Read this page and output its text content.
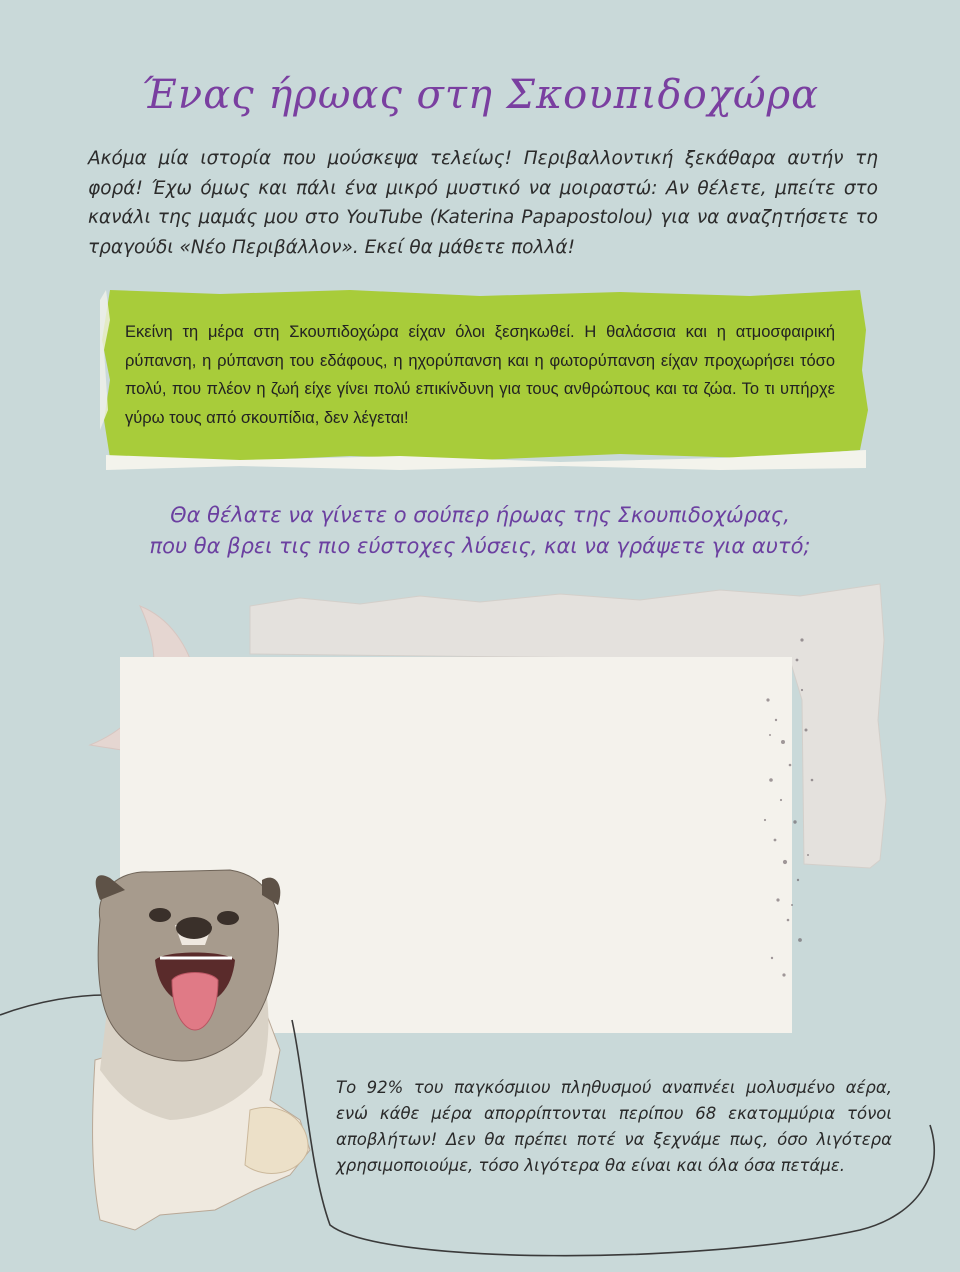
Ένας ήρωας στη Σκουπιδοχώρα
Ακόμα μία ιστορία που μούσκεψα τελείως! Περιβαλλοντική ξεκάθαρα αυτήν τη φορά! Έχω όμως και πάλι ένα μικρό μυστικό να μοιραστώ: Αν θέλετε, μπείτε στο κανάλι της μαμάς μου στο YouTube (Katerina Papapostolou) για να αναζητήσετε το τραγούδι «Νέο Περιβάλλον». Εκεί θα μάθετε πολλά!
Εκείνη τη μέρα στη Σκουπιδοχώρα είχαν όλοι ξεσηκωθεί. Η θαλάσσια και η ατμοσφαιρική ρύπανση, η ρύπανση του εδάφους, η ηχορύπανση και η φωτορύπανση είχαν προχωρήσει τόσο πολύ, που πλέον η ζωή είχε γίνει πολύ επικίνδυνη για τους ανθρώπους και τα ζώα. Το τι υπήρχε γύρω τους από σκουπίδια, δεν λέγεται!
Θα θέλατε να γίνετε ο σούπερ ήρωας της Σκουπιδοχώρας,
που θα βρει τις πιο εύστοχες λύσεις, και να γράψετε για αυτό;
Το 92% του παγκόσμιου πληθυσμού αναπνέει μολυσμένο αέρα, ενώ κάθε μέρα απορρίπτονται περίπου 68 εκατομμύρια τόνοι αποβλήτων! Δεν θα πρέπει ποτέ να ξεχνάμε πως, όσο λιγότερα χρησιμοποιούμε, τόσο λιγότερα θα είναι και όλα όσα πετάμε.
